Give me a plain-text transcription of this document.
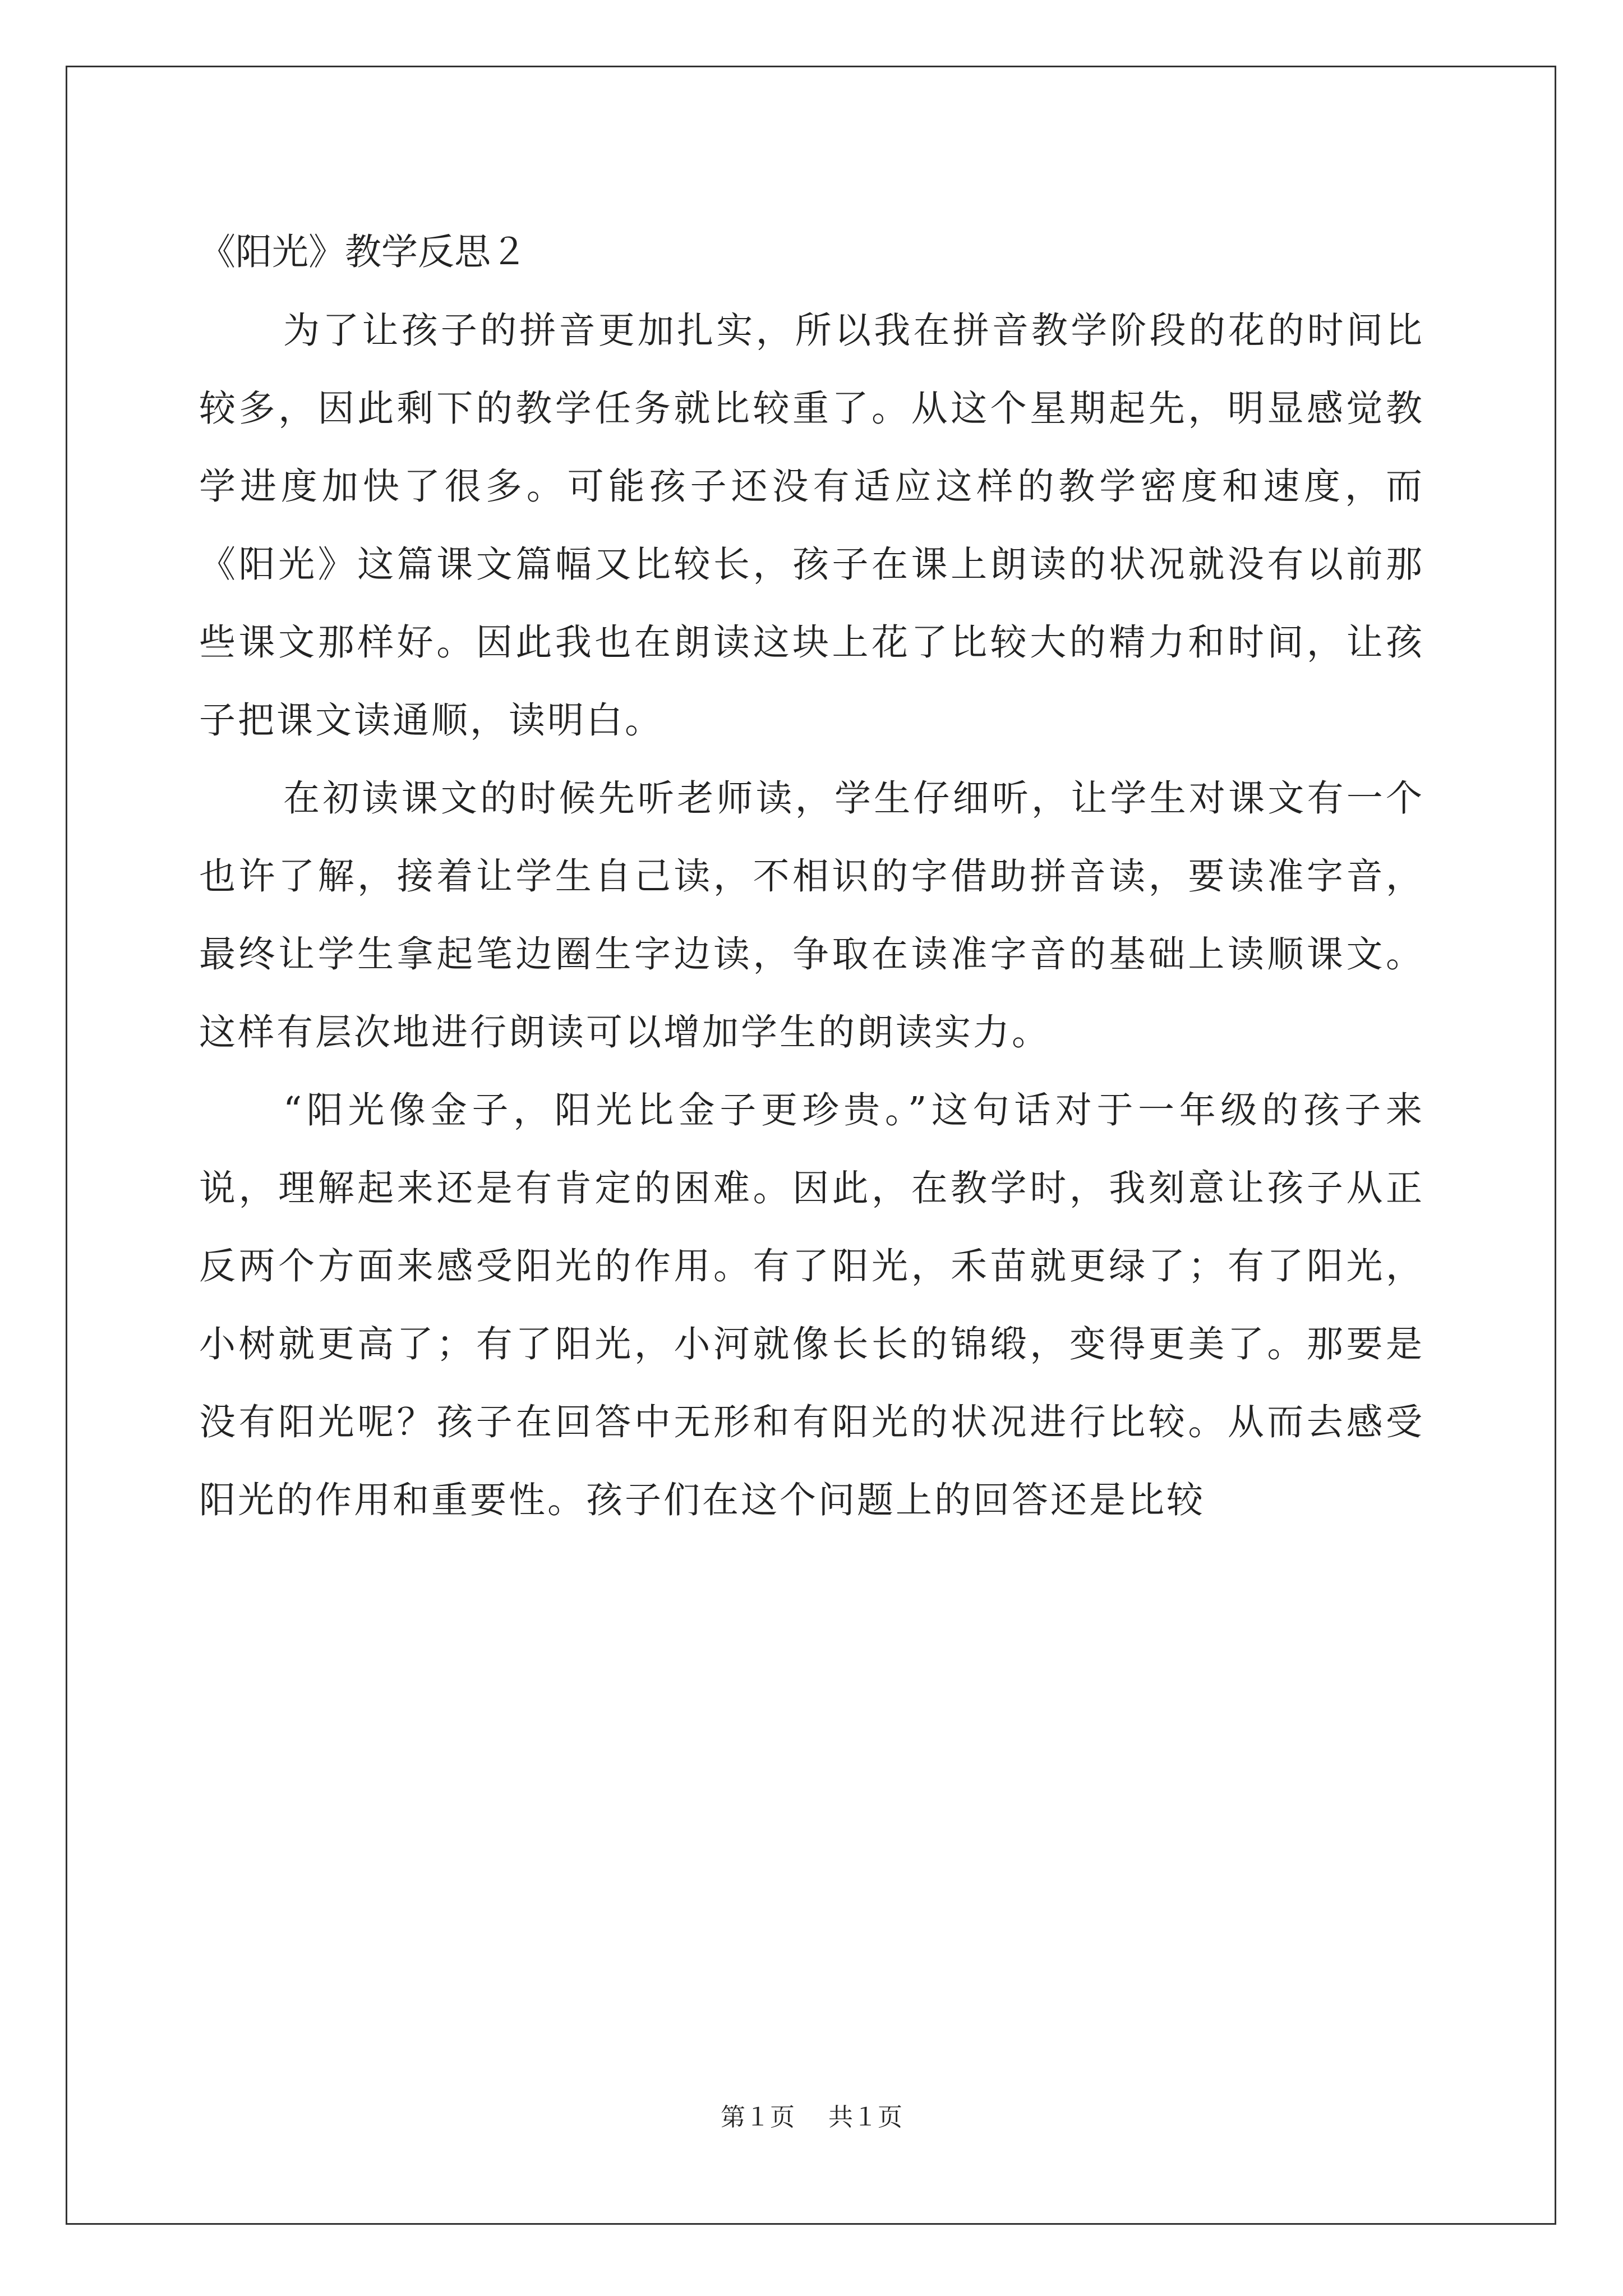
《阳光》教学反思２

为了让孩子的拼音更加扎实，所以我在拼音教学阶段的花的时间比较多，因此剩下的教学任务就比较重了。从这个星期起先，明显感觉教学进度加快了很多。可能孩子还没有适应这样的教学密度和速度，而《阳光》这篇课文篇幅又比较长，孩子在课上朗读的状况就没有以前那些课文那样好。因此我也在朗读这块上花了比较大的精力和时间，让孩子把课文读通顺，读明白。

在初读课文的时候先听老师读，学生仔细听，让学生对课文有一个也许了解，接着让学生自己读，不相识的字借助拼音读，要读准字音，最终让学生拿起笔边圈生字边读，争取在读准字音的基础上读顺课文。这样有层次地进行朗读可以增加学生的朗读实力。

“阳光像金子，阳光比金子更珍贵。”这句话对于一年级的孩子来说，理解起来还是有肯定的困难。因此，在教学时，我刻意让孩子从正反两个方面来感受阳光的作用。有了阳光，禾苗就更绿了；有了阳光，小树就更高了；有了阳光，小河就像长长的锦缎，变得更美了。那要是没有阳光呢？孩子在回答中无形和有阳光的状况进行比较。从而去感受阳光的作用和重要性。孩子们在这个问题上的回答还是比较

第１页 共１页
